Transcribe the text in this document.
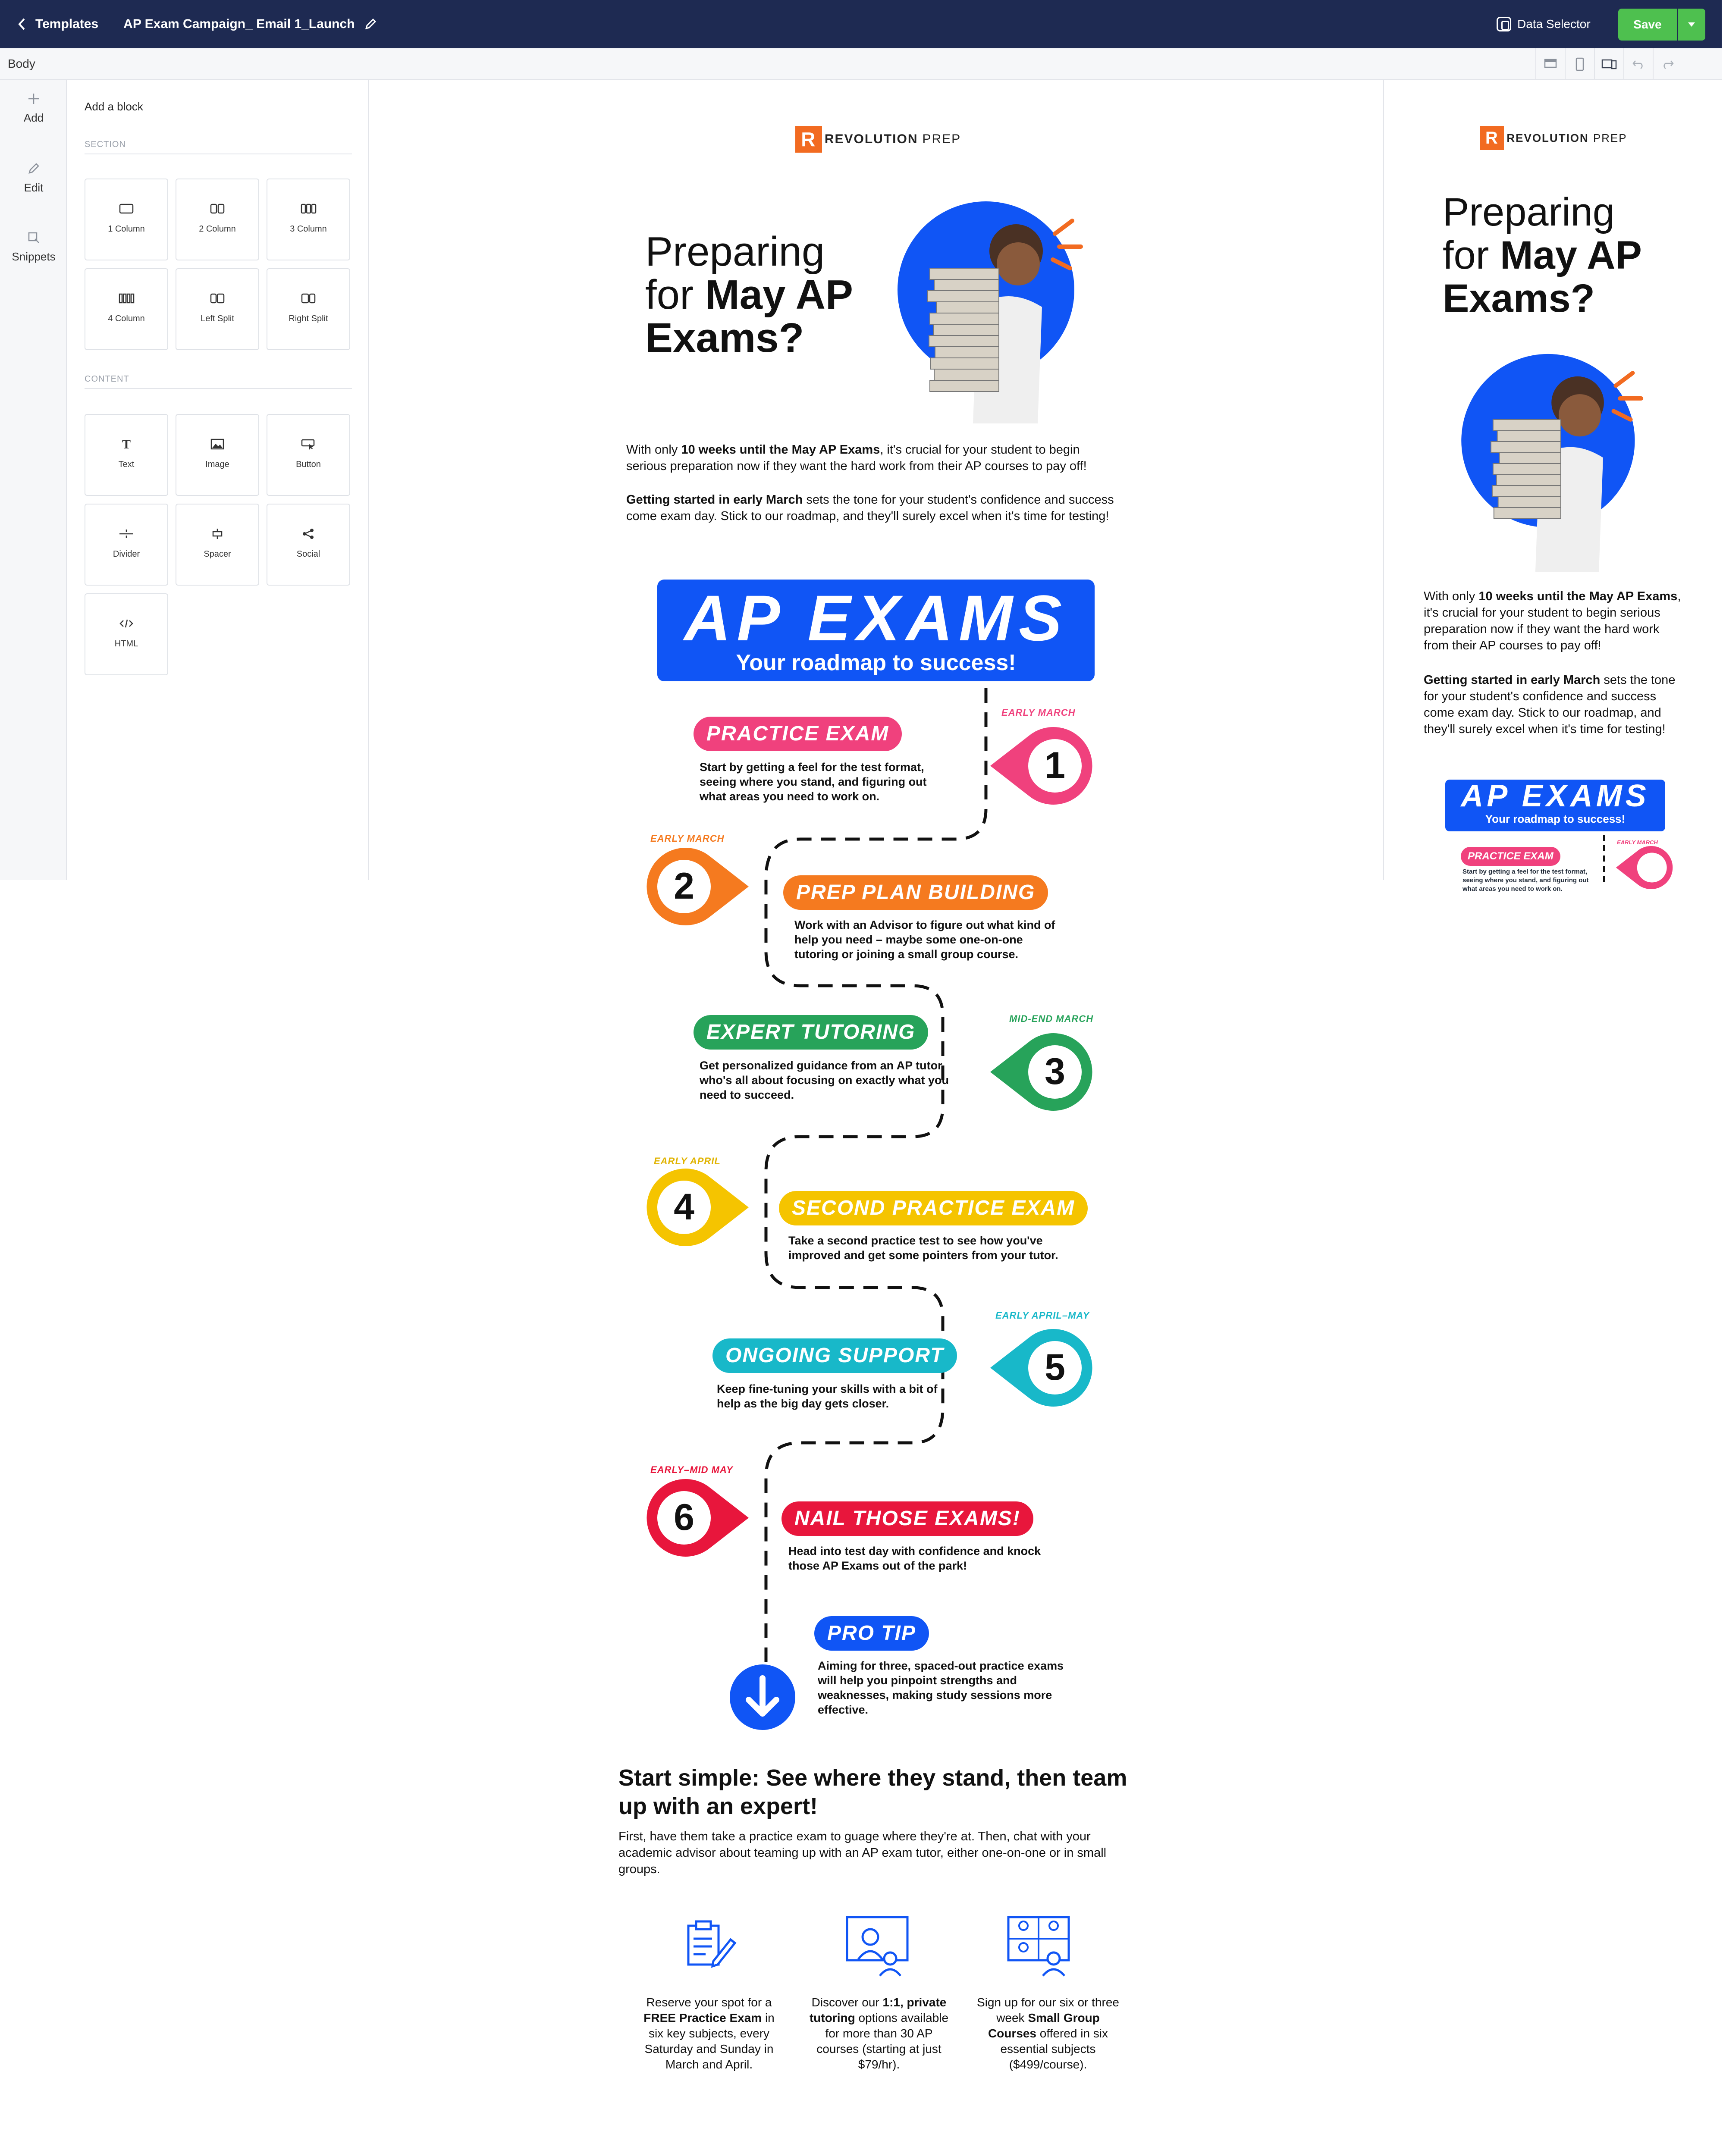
Templates AP Exam Campaign_ Email 1_Launch	Data Selector	Save
Body
Add
Edit
Snippets
Add a block
SECTION
1 Column	2 Column	3 Column
4 Column	Left Split	Right Split
CONTENT
T
Text	Image	Button
Divider	Spacer	Social
HTML
R REVOLUTION PREP
Preparing
for May AP
Exams?
With only 10 weeks until the May AP Exams, it's crucial for your student to begin serious preparation now if they want the hard work from their AP courses to pay off!
Getting started in early March sets the tone for your student's confidence and success come exam day. Stick to our roadmap, and they'll surely excel when it's time for testing!
AP EXAMS
Your roadmap to success!
EARLY MARCH
PRACTICE EXAM
Start by getting a feel for the test format, seeing where you stand, and figuring out what areas you need to work on.
1
EARLY MARCH
2	PREP PLAN BUILDING
Work with an Advisor to figure out what kind of help you need – maybe some one-on-one tutoring or joining a small group course.
MID-END MARCH
EXPERT TUTORING
Get personalized guidance from an AP tutor who's all about focusing on exactly what you need to succeed.
3
EARLY APRIL
4	SECOND PRACTICE EXAM
Take a second practice test to see how you've improved and get some pointers from your tutor.
EARLY APRIL–MAY
ONGOING SUPPORT
Keep fine-tuning your skills with a bit of help as the big day gets closer.
5
EARLY–MID MAY
6	NAIL THOSE EXAMS!
Head into test day with confidence and knock those AP Exams out of the park!
PRO TIP
Aiming for three, spaced-out practice exams will help you pinpoint strengths and weaknesses, making study sessions more effective.
Start simple: See where they stand, then team up with an expert!
First, have them take a practice exam to guage where they're at. Then, chat with your academic advisor about teaming up with an AP exam tutor, either one-on-one or in small groups.
Reserve your spot for a FREE Practice Exam in six key subjects, every Saturday and Sunday in March and April.
Discover our 1:1, private tutoring options available for more than 30 AP courses (starting at just $79/hr).
Sign up for our six or three week Small Group Courses offered in six essential subjects ($499/course).
R REVOLUTION PREP
Preparing
for May AP
Exams?
With only 10 weeks until the May AP Exams, it's crucial for your student to begin serious preparation now if they want the hard work from their AP courses to pay off!
Getting started in early March sets the tone for your student's confidence and success come exam day. Stick to our roadmap, and they'll surely excel when it's time for testing!
AP EXAMS
Your roadmap to success!
PRACTICE EXAM
EARLY MARCH
Start by getting a feel for the test format, seeing where you stand, and figuring out what areas you need to work on.
